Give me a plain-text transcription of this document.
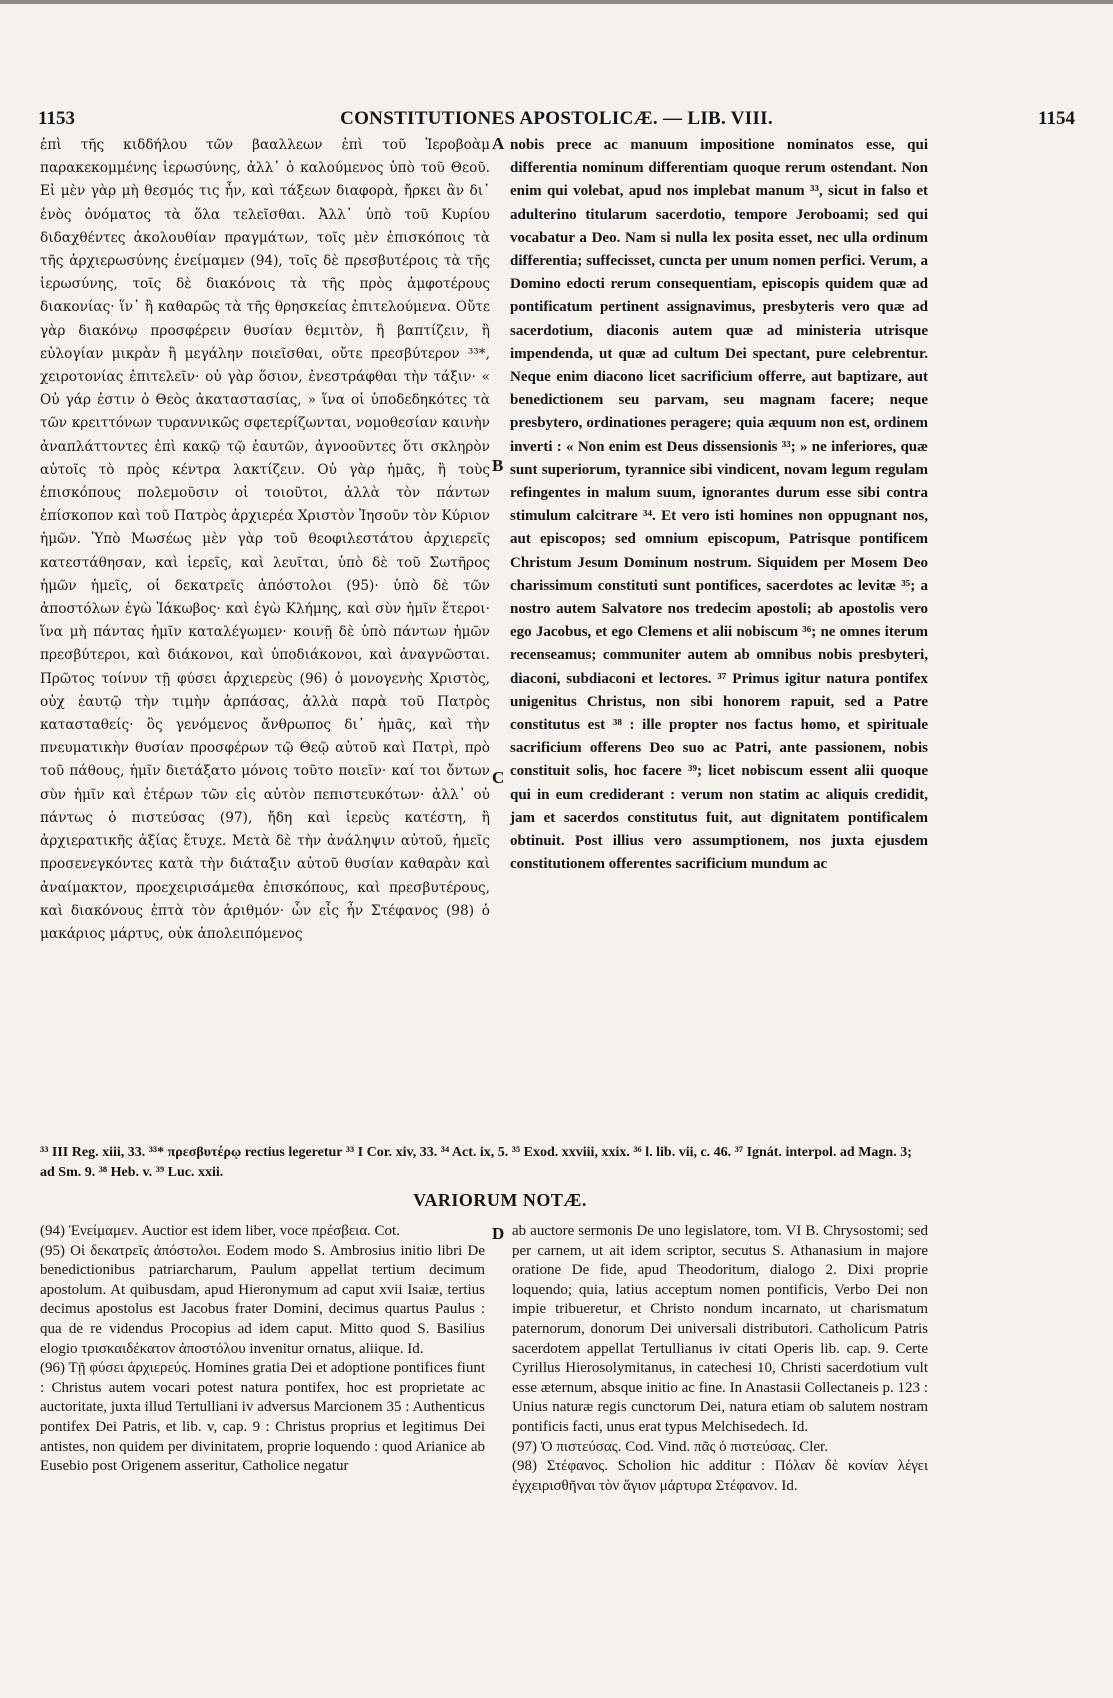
1153	CONSTITUTIONES APOSTOLICÆ. — LIB. VIII.	1154

ἐπὶ τῆς κιδδήλου τῶν βααλλεων ἐπὶ τοῦ Ἱεροβοὰμ παρακεκομμένης ἱερωσύνης, ἀλλ᾽ ὁ καλούμενος ὑπὸ τοῦ Θεοῦ. Εἰ μὲν γὰρ μὴ θεσμός τις ἦν, καὶ τάξεων διαφορὰ, ἤρκει ἂν δι᾽ ἑνὸς ὀνόματος τὰ ὅλα τελεῖσθαι. Ἀλλ᾽ ὑπὸ τοῦ Κυρίου διδαχθέντες ἀκολουθίαν πραγμάτων, τοῖς μὲν ἐπισκόποις τὰ τῆς ἀρχιερωσύνης ἐνείμαμεν (94), τοῖς δὲ πρεσβυτέροις τὰ τῆς ἱερωσύνης, τοῖς δὲ διακόνοις τὰ τῆς πρὸς ἀμφοτέρους διακονίας· ἵν᾽ ἢ καθαρῶς τὰ τῆς θρησκείας ἐπιτελούμενα. Οὔτε γὰρ διακόνῳ προσφέρειν θυσίαν θεμιτὸν, ἢ βαπτίζειν, ἢ εὐλογίαν μικρὰν ἢ μεγάλην ποιεῖσθαι, οὔτε πρεσβύτερον ³³*, χειροτονίας ἐπιτελεῖν· οὐ γὰρ ὅσιον, ἐνεστράφθαι τὴν τάξιν· « Οὐ γάρ ἐστιν ὁ Θεὸς ἀκαταστασίας, » ἵνα οἱ ὑποδεδηκότες τὰ τῶν κρειττόνων τυραννικῶς σφετερίζωνται, νομοθεσίαν καινὴν ἀναπλάττοντες ἐπὶ κακῷ τῷ ἑαυτῶν, ἀγνοοῦντες ὅτι σκληρὸν αὐτοῖς τὸ πρὸς κέντρα λακτίζειν. Οὐ γὰρ ἡμᾶς, ἢ τοὺς ἐπισκόπους πολεμοῦσιν οἱ τοιοῦτοι, ἀλλὰ τὸν πάντων ἐπίσκοπον καὶ τοῦ Πατρὸς ἀρχιερέα Χριστὸν Ἰησοῦν τὸν Κύριον ἡμῶν. Ὑπὸ Μωσέως μὲν γὰρ τοῦ θεοφιλεστάτου ἀρχιερεῖς κατεστάθησαν, καὶ ἱερεῖς, καὶ λευῖται, ὑπὸ δὲ τοῦ Σωτῆρος ἡμῶν ἡμεῖς, οἱ δεκατρεῖς ἀπόστολοι (95)· ὑπὸ δὲ τῶν ἀποστόλων ἐγὼ Ἰάκωβος· καὶ ἐγὼ Κλήμης, καὶ σὺν ἡμῖν ἕτεροι· ἵνα μὴ πάντας ἡμῖν καταλέγωμεν· κοινῇ δὲ ὑπὸ πάντων ἡμῶν πρεσβύτεροι, καὶ διάκονοι, καὶ ὑποδιάκονοι, καὶ ἀναγνῶσται. Πρῶτος τοίνυν τῇ φύσει ἀρχιερεὺς (96) ὁ μονογενὴς Χριστὸς, οὐχ ἑαυτῷ τὴν τιμὴν ἁρπάσας, ἀλλὰ παρὰ τοῦ Πατρὸς κατασταθείς· ὃς γενόμενος ἄνθρωπος δι᾽ ἡμᾶς, καὶ τὴν πνευματικὴν θυσίαν προσφέρων τῷ Θεῷ αὐτοῦ καὶ Πατρὶ, πρὸ τοῦ πάθους, ἡμῖν διετάξατο μόνοις τοῦτο ποιεῖν· καί τοι ὄντων σὺν ἡμῖν καὶ ἑτέρων τῶν εἰς αὐτὸν πεπιστευκότων· ἀλλ᾽ οὐ πάντως ὁ πιστεύσας (97), ἤδη καὶ ἱερεὺς κατέστη, ἢ ἀρχιερατικῆς ἀξίας ἔτυχε. Μετὰ δὲ τὴν ἀνάληψιν αὐτοῦ, ἡμεῖς προσενεγκόντες κατὰ τὴν διάταξιν αὐτοῦ θυσίαν καθαρὰν καὶ ἀναίμακτον, προεχειρισάμεθα ἐπισκόπους, καὶ πρεσβυτέρους, καὶ διακόνους ἑπτὰ τὸν ἀριθμόν· ὧν εἷς ἦν Στέφανος (98) ὁ μακάριος μάρτυς, οὐκ ἀπολειπόμενος

A
B
C
D

nobis prece ac manuum impositione nominatos esse, qui differentia nominum differentiam quoque rerum ostendant. Non enim qui volebat, apud nos implebat manum ³³, sicut in falso et adulterino titularum sacerdotio, tempore Jeroboami; sed qui vocabatur a Deo. Nam si nulla lex posita esset, nec ulla ordinum differentia; suffecisset, cuncta per unum nomen perfici. Verum, a Domino edocti rerum consequentiam, episcopis quidem quæ ad pontificatum pertinent assignavimus, presbyteris vero quæ ad sacerdotium, diaconis autem quæ ad ministeria utrisque impendenda, ut quæ ad cultum Dei spectant, pure celebrentur. Neque enim diacono licet sacrificium offerre, aut baptizare, aut benedictionem seu parvam, seu magnam facere; neque presbytero, ordinationes peragere; quia æquum non est, ordinem inverti : « Non enim est Deus dissensionis ³³; » ne inferiores, quæ sunt superiorum, tyrannice sibi vindicent, novam legum regulam refingentes in malum suum, ignorantes durum esse sibi contra stimulum calcitrare ³⁴. Et vero isti homines non oppugnant nos, aut episcopos; sed omnium episcopum, Patrisque pontificem Christum Jesum Dominum nostrum. Siquidem per Mosem Deo charissimum constituti sunt pontifices, sacerdotes ac levitæ ³⁵; a nostro autem Salvatore nos tredecim apostoli; ab apostolis vero ego Jacobus, et ego Clemens et alii nobiscum ³⁶; ne omnes iterum recenseamus; communiter autem ab omnibus nobis presbyteri, diaconi, subdiaconi et lectores. ³⁷ Primus igitur natura pontifex unigenitus Christus, non sibi honorem rapuit, sed a Patre constitutus est ³⁸ : ille propter nos factus homo, et spirituale sacrificium offerens Deo suo ac Patri, ante passionem, nobis constituit solis, hoc facere ³⁹; licet nobiscum essent alii quoque qui in eum crediderant : verum non statim ac aliquis credidit, jam et sacerdos constitutus fuit, aut dignitatem pontificalem obtinuit. Post illius vero assumptionem, nos juxta ejusdem constitutionem offerentes sacrificium mundum ac

³³ III Reg. xiii, 33. ³³* πρεσβυτέρῳ rectius legeretur ³³ I Cor. xiv, 33. ³⁴ Act. ix, 5. ³⁵ Exod. xxviii, xxix. ³⁶ l. lib. vii, c. 46. ³⁷ Ignát. interpol. ad Magn. 3; ad Sm. 9. ³⁸ Heb. v. ³⁹ Luc. xxii.
VARIORUM NOTÆ.

(94) Ἐνείμαμεν. Auctior est idem liber, voce πρέσβεια. Cot.

(95) Οἱ δεκατρεῖς ἀπόστολοι. Eodem modo S. Ambrosius initio libri De benedictionibus patriarcharum, Paulum appellat tertium decimum apostolum. At quibusdam, apud Hieronymum ad caput xvii Isaiæ, tertius decimus apostolus est Jacobus frater Domini, decimus quartus Paulus : qua de re videndus Procopius ad idem caput. Mitto quod S. Basilius elogio τρισκαιδέκατον ἀποστόλου invenitur ornatus, aliique. Id.

(96) Τῇ φύσει ἀρχιερεύς. Homines gratia Dei et adoptione pontifices fiunt : Christus autem vocari potest natura pontifex, hoc est proprietate ac auctoritate, juxta illud Tertulliani iv adversus Marcionem 35 : Authenticus pontifex Dei Patris, et lib. v, cap. 9 : Christus proprius et legitimus Dei antistes, non quidem per divinitatem, proprie loquendo : quod Arianice ab Eusebio post Origenem asseritur, Catholice negatur

ab auctore sermonis De uno legislatore, tom. VI B. Chrysostomi; sed per carnem, ut ait idem scriptor, secutus S. Athanasium in majore oratione De fide, apud Theodoritum, dialogo 2. Dixi proprie loquendo; quia, latius acceptum nomen pontificis, Verbo Dei non impie tribueretur, et Christo nondum incarnato, ut charismatum paternorum, donorum Dei universali distributori. Catholicum Patris sacerdotem appellat Tertullianus iv citati Operis lib. cap. 9. Certe Cyrillus Hierosolymitanus, in catechesi 10, Christi sacerdotium vult esse æternum, absque initio ac fine. In Anastasii Collectaneis p. 123 : Unius naturæ regis cunctorum Dei, natura etiam ob salutem nostram pontificis facti, unus erat typus Melchisedech. Id.

(97) Ὁ πιστεύσας. Cod. Vind. πᾶς ὁ πιστεύσας. Cler.

(98) Στέφανος. Scholion hic additur : Πόλαν δὲ κονίαν λέγει ἐγχειρισθῆναι τὸν ἅγιον μάρτυρα Στέφανον. Id.
